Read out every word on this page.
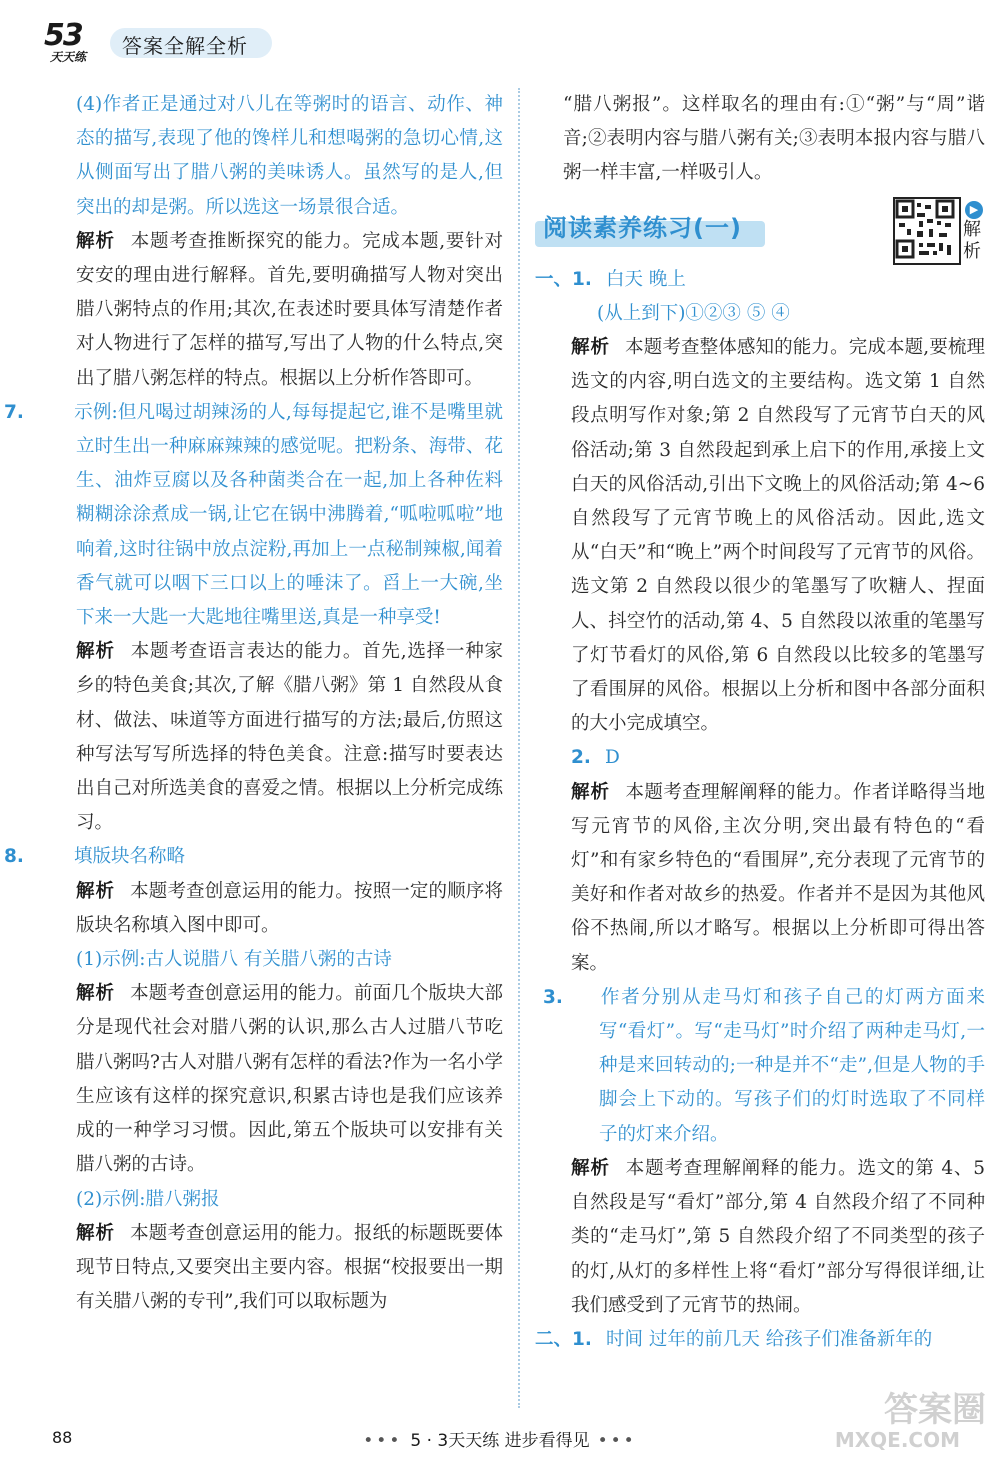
53
天天练 答案全解全析

(4)作者正是通过对八儿在等粥时的语言、动作、神态的描写,表现了他的馋样儿和想喝粥的急切心情,这从侧面写出了腊八粥的美味诱人。虽然写的是人,但突出的却是粥。所以选这一场景很合适。

解析 本题考查推断探究的能力。完成本题,要针对安安的理由进行解释。首先,要明确描写人物对突出腊八粥特点的作用;其次,在表述时要具体写清楚作者对人物进行了怎样的描写,写出了人物的什么特点,突出了腊八粥怎样的特点。根据以上分析作答即可。

7.	示例:但凡喝过胡辣汤的人,每每提起它,谁不是嘴里就立时生出一种麻麻辣辣的感觉呢。把粉条、海带、花生、油炸豆腐以及各种菌类合在一起,加上各种佐料糊糊涂涂煮成一锅,让它在锅中沸腾着,“呱啦呱啦”地响着,这时往锅中放点淀粉,再加上一点秘制辣椒,闻着香气就可以咽下三口以上的唾沫了。舀上一大碗,坐下来一大匙一大匙地往嘴里送,真是一种享受!

解析 本题考查语言表达的能力。首先,选择一种家乡的特色美食;其次,了解《腊八粥》第 1 自然段从食材、做法、味道等方面进行描写的方法;最后,仿照这种写法写写所选择的特色美食。注意:描写时要表达出自己对所选美食的喜爱之情。根据以上分析完成练习。

8.	填版块名称略

解析 本题考查创意运用的能力。按照一定的顺序将版块名称填入图中即可。

(1)示例:古人说腊八 有关腊八粥的古诗

解析 本题考查创意运用的能力。前面几个版块大部分是现代社会对腊八粥的认识,那么古人过腊八节吃腊八粥吗?古人对腊八粥有怎样的看法?作为一名小学生应该有这样的探究意识,积累古诗也是我们应该养成的一种学习习惯。因此,第五个版块可以安排有关腊八粥的古诗。

(2)示例:腊八粥报

解析 本题考查创意运用的能力。报纸的标题既要体现节日特点,又要突出主要内容。根据“校报要出一期有关腊八粥的专刊”,我们可以取标题为

“腊八粥报”。这样取名的理由有:①“粥”与“周”谐音;②表明内容与腊八粥有关;③表明本报内容与腊八粥一样丰富,一样吸引人。

阅读素养练习(一)
▶
解析

一、1. 白天 晚上

(从上到下)①②③ ⑤ ④

解析 本题考查整体感知的能力。完成本题,要梳理选文的内容,明白选文的主要结构。选文第 1 自然段点明写作对象;第 2 自然段写了元宵节白天的风俗活动;第 3 自然段起到承上启下的作用,承接上文白天的风俗活动,引出下文晚上的风俗活动;第 4~6 自然段写了元宵节晚上的风俗活动。因此,选文从“白天”和“晚上”两个时间段写了元宵节的风俗。选文第 2 自然段以很少的笔墨写了吹糖人、捏面人、抖空竹的活动,第 4、5 自然段以浓重的笔墨写了灯节看灯的风俗,第 6 自然段以比较多的笔墨写了看围屏的风俗。根据以上分析和图中各部分面积的大小完成填空。

2. D

解析 本题考查理解阐释的能力。作者详略得当地写元宵节的风俗,主次分明,突出最有特色的“看灯”和有家乡特色的“看围屏”,充分表现了元宵节的美好和作者对故乡的热爱。作者并不是因为其他风俗不热闹,所以才略写。根据以上分析即可得出答案。

3. 作者分别从走马灯和孩子自己的灯两方面来写“看灯”。写“走马灯”时介绍了两种走马灯,一种是来回转动的;一种是并不“走”,但是人物的手脚会上下动的。写孩子们的灯时选取了不同样子的灯来介绍。

解析 本题考查理解阐释的能力。选文的第 4、5 自然段是写“看灯”部分,第 4 自然段介绍了不同种类的“走马灯”,第 5 自然段介绍了不同类型的孩子的灯,从灯的多样性上将“看灯”部分写得很详细,让我们感受到了元宵节的热闹。

二、1. 时间 过年的前几天 给孩子们准备新年的

88	••• 5 · 3天天练 进步看得见 •••
答案圈
MXQE.COM
